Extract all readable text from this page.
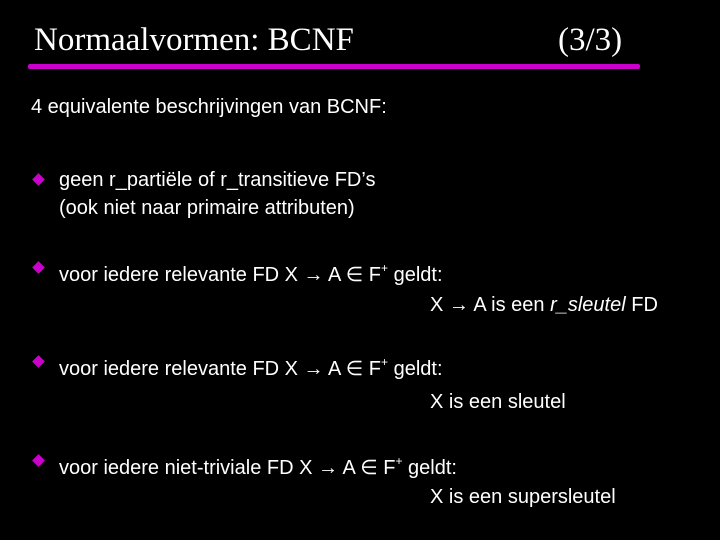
Normaalvormen: BCNF	(3/3)
4 equivalente beschrijvingen van BCNF:
geen r_partiële of r_transitieve FD’s
(ook niet naar primaire attributen)
voor iedere relevante FD X → A ∈ F+ geldt:
X → A is een r_sleutel FD
voor iedere relevante FD X → A ∈ F+ geldt:
X is een sleutel
voor iedere niet-triviale FD X → A ∈ F+ geldt:
X is een supersleutel
